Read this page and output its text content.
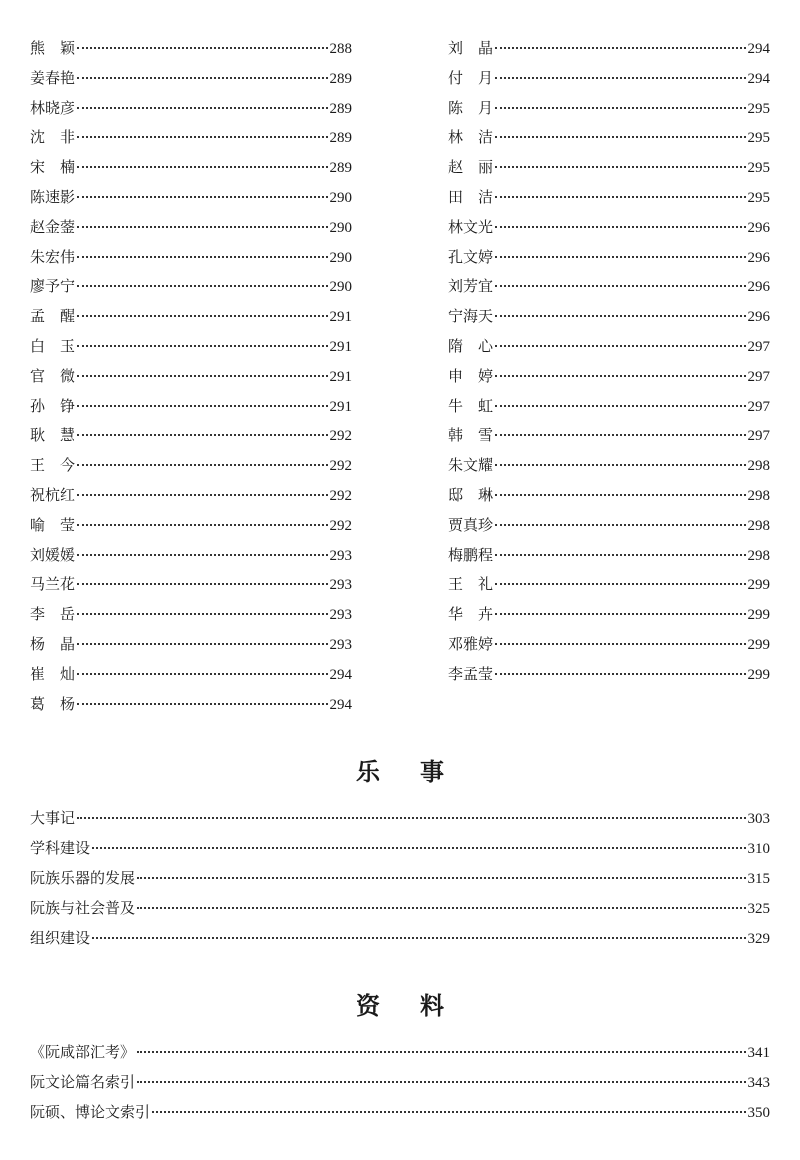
熊　颖	288
姜春艳	289
林晓彦	289
沈　非	289
宋　楠	289
陈速影	290
赵金蓥	290
朱宏伟	290
廖予宁	290
孟　醒	291
白　玉	291
官　微	291
孙　铮	291
耿　慧	292
王　今	292
祝杭红	292
喻　莹	292
刘媛媛	293
马兰花	293
李　岳	293
杨　晶	293
崔　灿	294
葛　杨	294
刘　晶	294
付　月	294
陈　月	295
林　洁	295
赵　丽	295
田　洁	295
林文光	296
孔文婷	296
刘芳宜	296
宁海天	296
隋　心	297
申　婷	297
牛　虹	297
韩　雪	297
朱文耀	298
邸　琳	298
贾真珍	298
梅鹏程	298
王　礼	299
华　卉	299
邓雅婷	299
李孟莹	299
乐事
大事记	303
学科建设	310
阮族乐器的发展	315
阮族与社会普及	325
组织建设	329
资料
《阮咸部汇考》	341
阮文论篇名索引	343
阮硕、博论文索引	350
